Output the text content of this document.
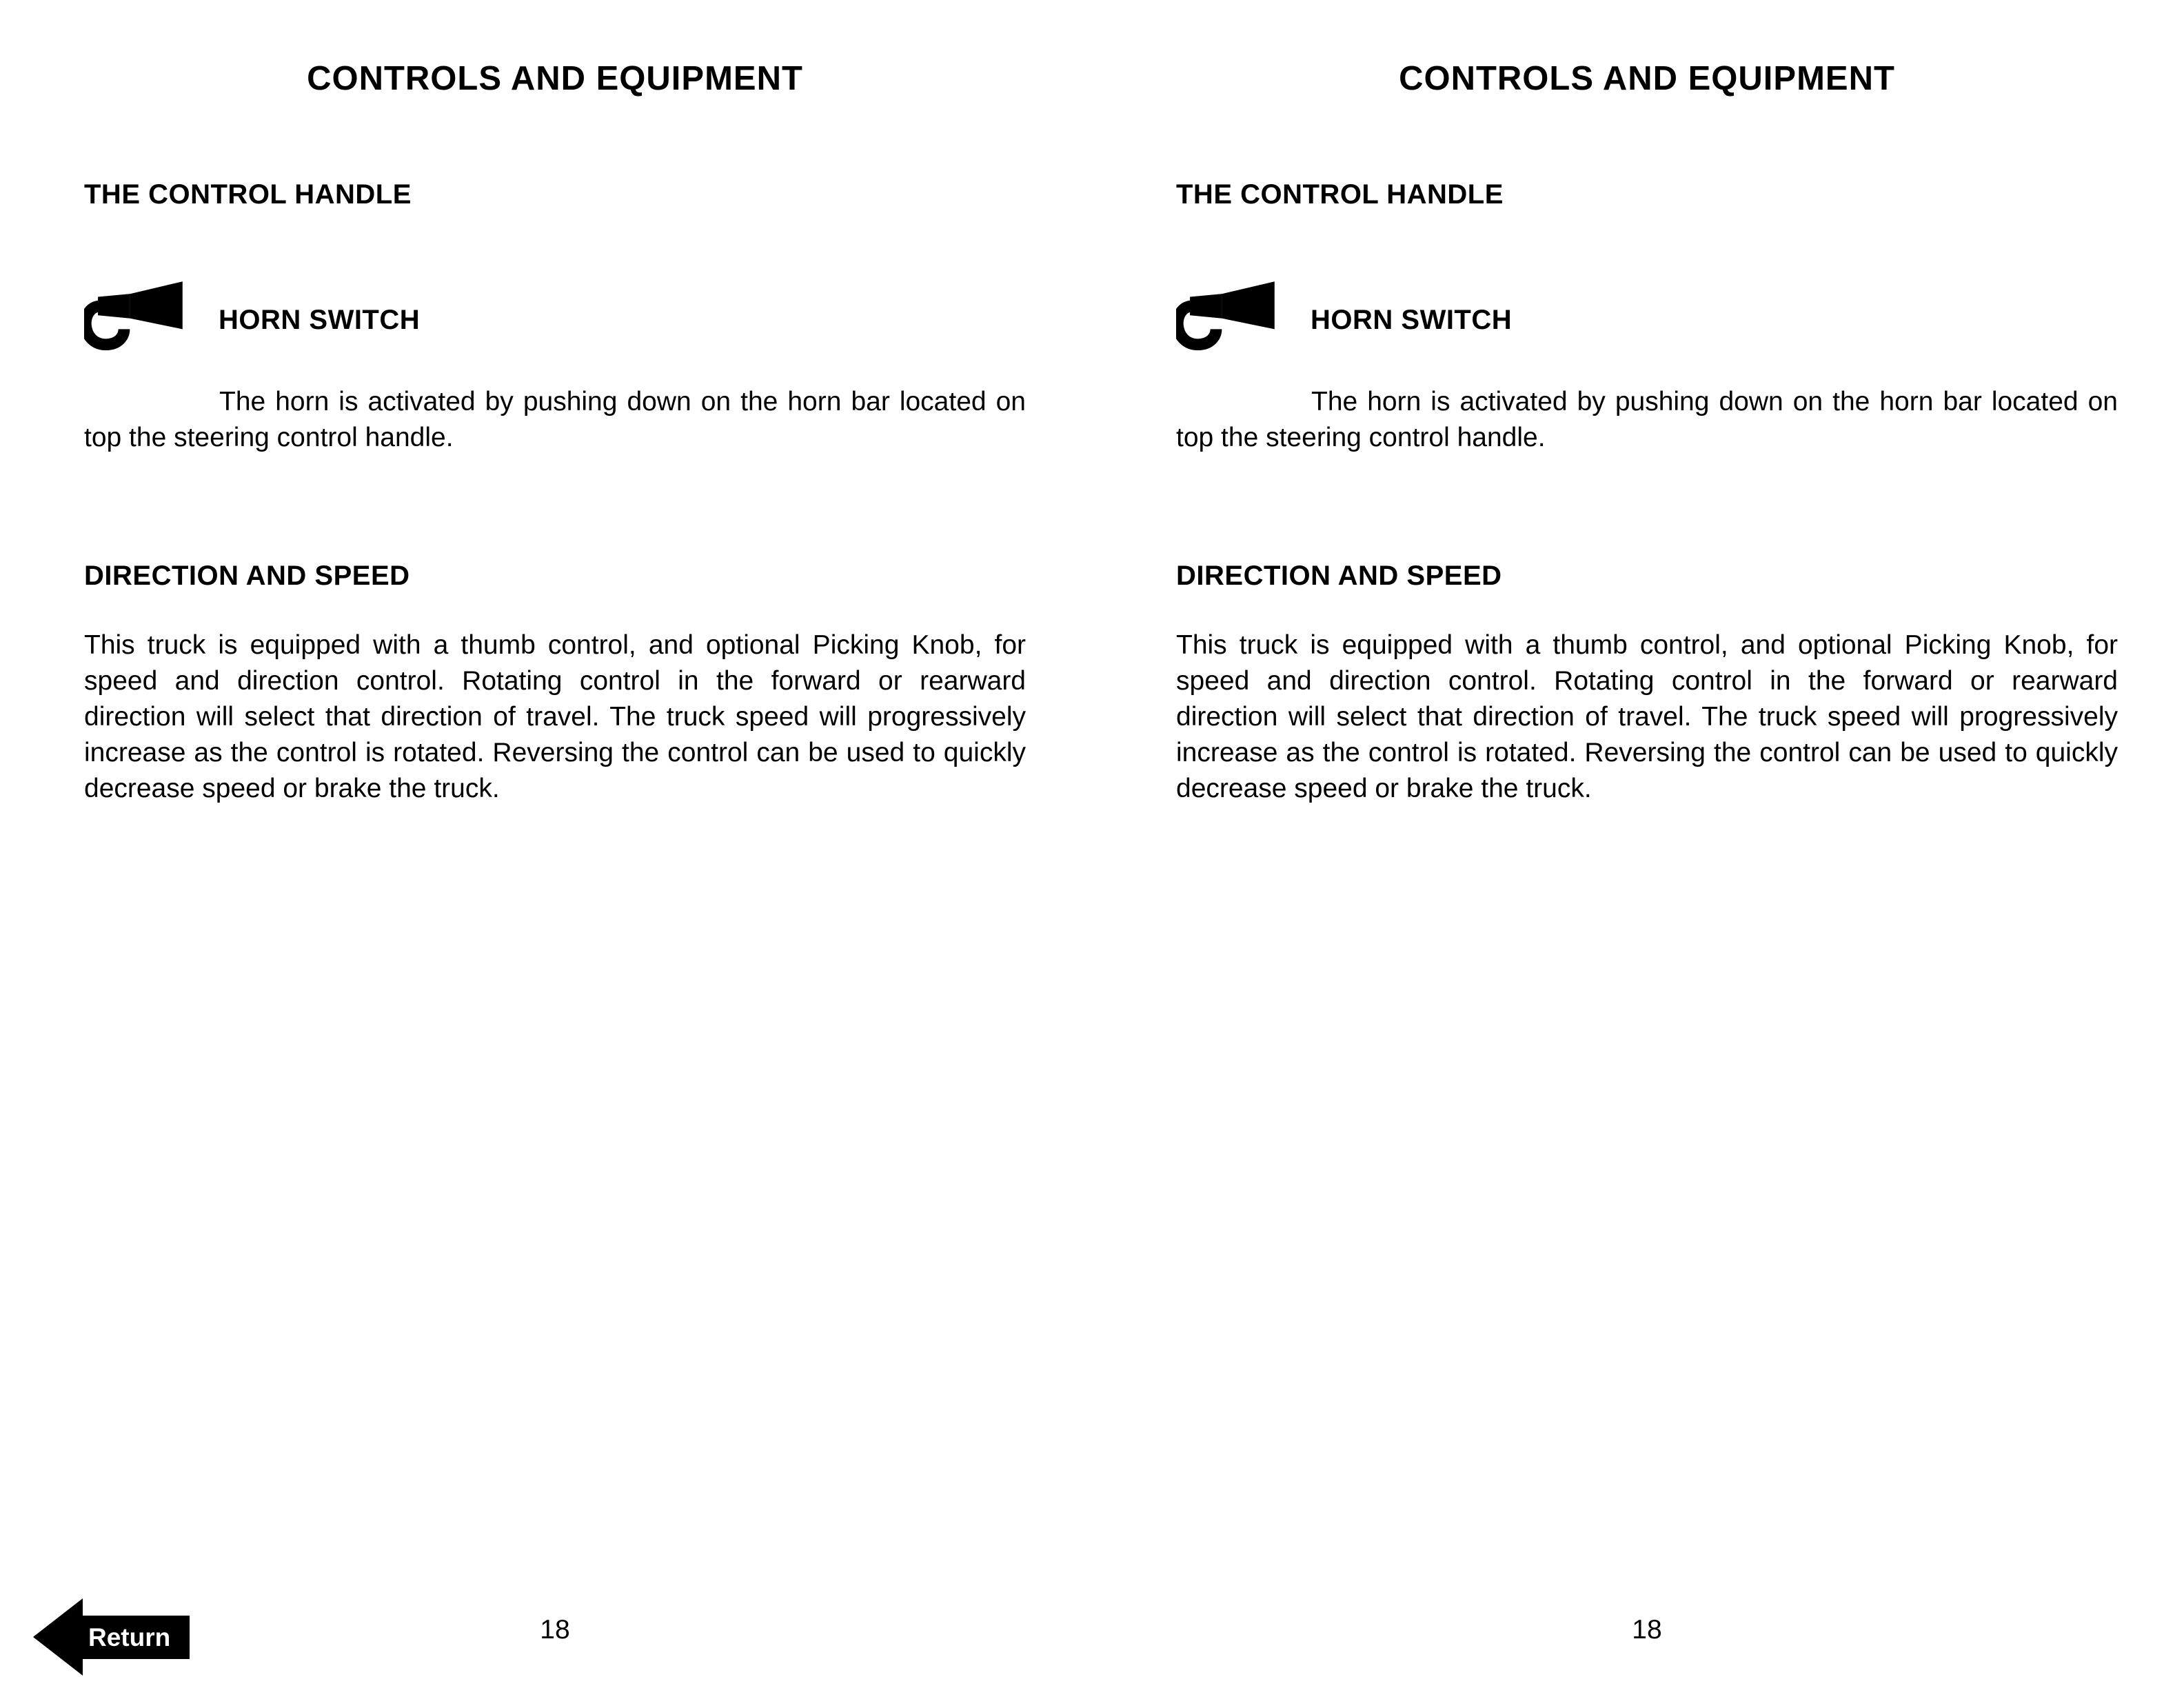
CONTROLS AND EQUIPMENT
THE CONTROL HANDLE
HORN SWITCH

The horn is activated by pushing down on the horn bar located on top the steering control handle.

DIRECTION AND SPEED

This truck is equipped with a thumb control, and optional Picking Knob, for speed and direction control. Rotating control in the forward or rearward direction will select that direction of travel. The truck speed will progressively increase as the control is rotated. Reversing the control can be used to quickly decrease speed or brake the truck.

18
CONTROLS AND EQUIPMENT
THE CONTROL HANDLE
HORN SWITCH

The horn is activated by pushing down on the horn bar located on top the steering control handle.

DIRECTION AND SPEED

This truck is equipped with a thumb control, and optional Picking Knob, for speed and direction control. Rotating control in the forward or rearward direction will select that direction of travel. The truck speed will progressively increase as the control is rotated. Reversing the control can be used to quickly decrease speed or brake the truck.

18
Return
